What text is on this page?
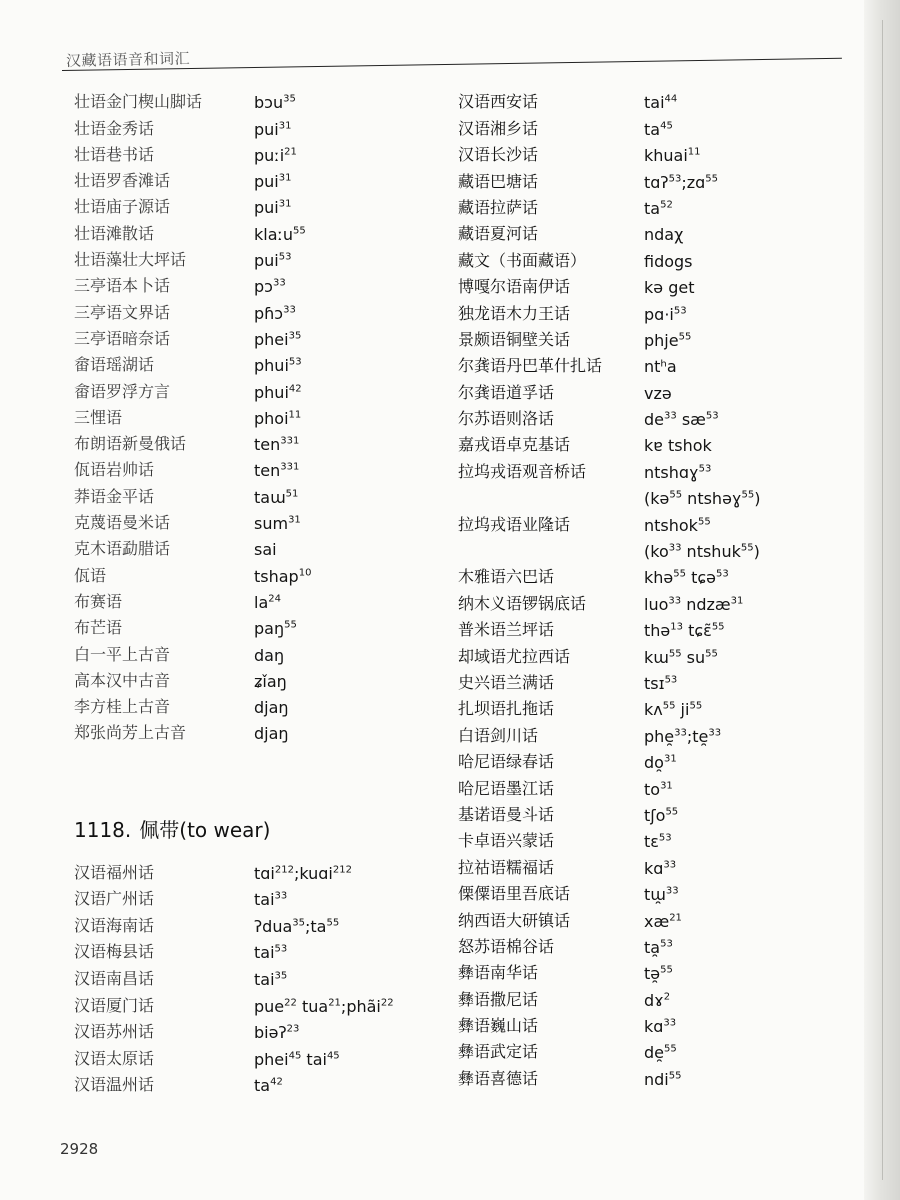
汉藏语语音和词汇
壮语金门楔山脚话	bɔu$^{35}$
壮语金秀话	pui$^{31}$
壮语巷书话	puːi$^{21}$
壮语罗香滩话	pui$^{31}$
壮语庙子源话	pui$^{31}$
壮语滩散话	klaːu$^{55}$
壮语藻壮大坪话	pui$^{53}$
三亭语本卜话	pɔ$^{33}$
三亭语文界话	pɦɔ$^{33}$
三亭语暗奈话	phei$^{35}$
畲语瑶湖话	phui$^{53}$
畲语罗浮方言	phui$^{42}$
三悝语	phoi$^{11}$
布朗语新曼俄话	ten$^{331}$
佤语岩帅话	ten$^{331}$
莽语金平话	taɯ$^{51}$
克蔑语曼米话	sum$^{31}$
克木语勐腊话	sai
佤语	tshap$^{10}$
布赛语	$la^{24}$
布芒语	paŋ$^{55}$
白一平上古音	daŋ
高本汉中古音	ʑǐaŋ
李方桂上古音	djaŋ
郑张尚芳上古音	djaŋ
1118. 佩带(to wear)
汉语福州话	tɑi$^{212}$;kuɑi$^{212}$
汉语广州话	tai$^{33}$
汉语海南话	$ʔdua^{35};ta^{55}$
汉语梅县话	tai$^{53}$
汉语南昌话	tai$^{35}$
汉语厦门话	pue$^{22}$ tua$^{21}$;phãi$^{22}$
汉语苏州话	biəʔ$^{23}$
汉语太原话	phei$^{45}$ tai$^{45}$
汉语温州话	$ta^{42}$
汉语西安话	tai$^{44}$
汉语湘乡话	$ta^{45}$
汉语长沙话	khuai$^{11}$
藏语巴塘话	tɑʔ$^{53}$;zɑ$^{55}$
藏语拉萨话	$ta^{52}$
藏语夏河话	ndaχ
藏文（书面藏语）	fidogs
博嘎尔语南伊话	kə get
独龙语木力王话	$pɑ\cdot i^{53}$
景颇语铜壁关话	phje$^{55}$
尔龚语丹巴革什扎话	ntʰa
尔龚语道孚话	vzə
尔苏语则洛话	$de^{33}$ $sæ^{53}$
嘉戎语卓克基话	kɐ tshok
拉坞戎语观音桥话	ntshɑɣ$^{53}$
(kə$^{55}$ ntshəɣ$^{55}$)
拉坞戎语业隆话	ntshok$^{55}$
($ko^{33}$ ntshuk$^{55}$)
木雅语六巴话	khə$^{55}$ tɕə$^{53}$
纳木义语锣锅底话	luo$^{33}$ ndzæ$^{31}$
普米语兰坪话	thə$^{13}$ tɕɛ̃$^{55}$
却域语尤拉西话	kɯ$^{55}$ $su^{55}$
史兴语兰满话	tsɪ$^{53}$
扎坝语扎拖话	kʌ$^{55}$ $ji^{55}$
白语剑川话	phe̯$^{33}$;te̯$^{33}$
哈尼语绿春话	do̯$^{31}$
哈尼语墨江话	$to^{31}$
基诺语曼斗话	tʃo$^{55}$
卡卓语兴蒙话	tɛ$^{53}$
拉祜语糯福话	kɑ$^{33}$
傈僳语里吾底话	tɯ̯$^{33}$
纳西语大研镇话	$xæ^{21}$
怒苏语棉谷话	ta̯$^{53}$
彝语南华话	tə̯$^{55}$
彝语撒尼话	dɤ$^2$
彝语巍山话	kɑ$^{33}$
彝语武定话	de̯$^{55}$
彝语喜德话	ndi$^{55}$
2928
